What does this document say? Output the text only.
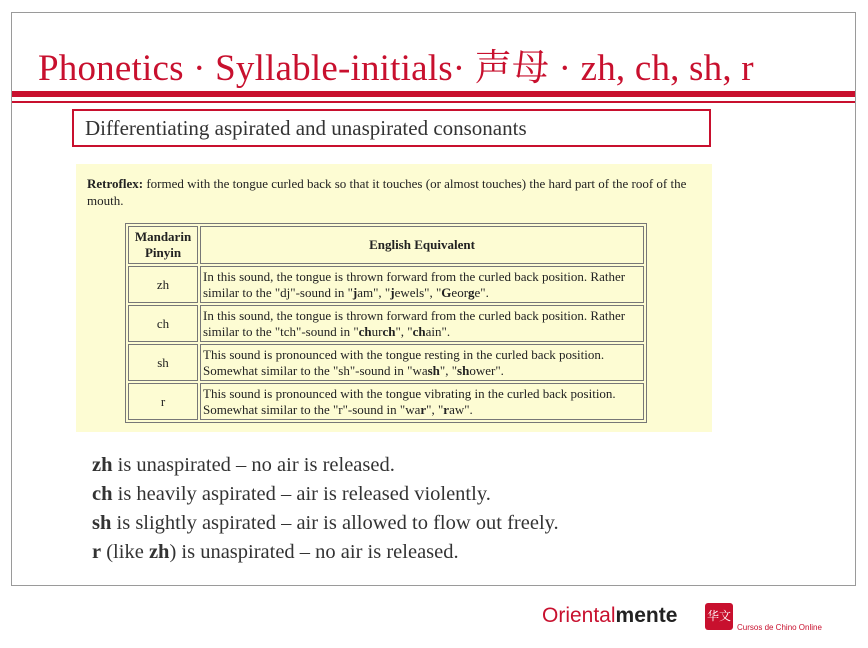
Phonetics · Syllable-initials· 声母 · zh, ch, sh, r
Differentiating aspirated and unaspirated consonants
Retroflex: formed with the tongue curled back so that it touches (or almost touches) the hard part of the roof of the mouth.
Mandarin Pinyin	English Equivalent
zh	In this sound, the tongue is thrown forward from the curled back position. Rather similar to the "dj"-sound in "jam", "jewels", "George".
ch	In this sound, the tongue is thrown forward from the curled back position. Rather similar to the "tch"-sound in "church", "chain".
sh	This sound is pronounced with the tongue resting in the curled back position. Somewhat similar to the "sh"-sound in "wash", "shower".
r	This sound is pronounced with the tongue vibrating in the curled back position. Somewhat similar to the "r"-sound in "war", "raw".
zh is unaspirated – no air is released.
ch is heavily aspirated – air is released violently.
sh is slightly aspirated – air is allowed to flow out freely.
r (like zh) is unaspirated – no air is released.
Orientalmente 华文
Cursos de Chino Online
